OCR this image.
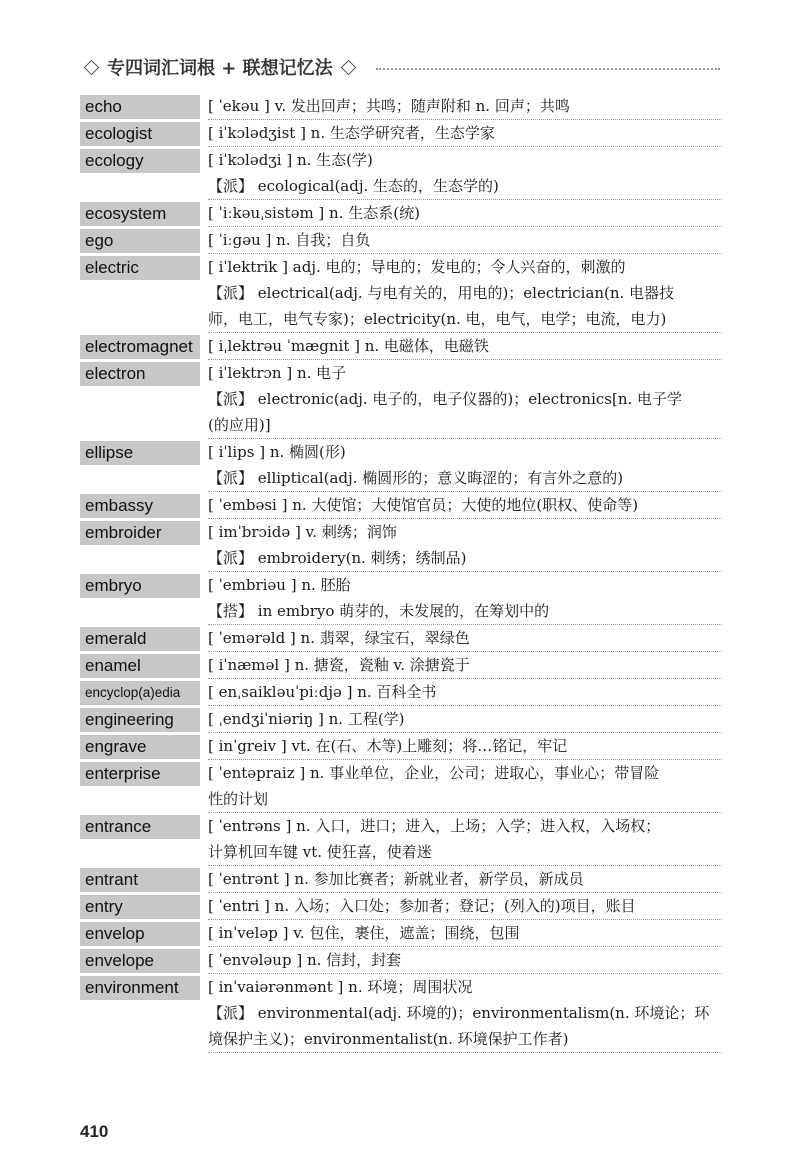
专四词汇词根 + 联想记忆法
echo	[ ˈekəu ] v. 发出回声；共鸣；随声附和 n. 回声；共鸣
ecologist	[ iˈkɔlədʒist ] n. 生态学研究者，生态学家
ecology	[ iˈkɔlədʒi ] n. 生态(学)
【派】 ecological(adj. 生态的，生态学的)
ecosystem	[ ˈiːkəuˌsistəm ] n. 生态系(统)
ego	[ ˈiːgəu ] n. 自我；自负
electric	[ iˈlektrik ] adj. 电的；导电的；发电的；令人兴奋的，刺激的
【派】 electrical(adj. 与电有关的，用电的)；electrician(n. 电器技
师，电工，电气专家)；electricity(n. 电，电气，电学；电流，电力)
electromagnet	[ iˌlektrəu ˈmægnit ] n. 电磁体，电磁铁
electron	[ iˈlektrɔn ] n. 电子
【派】 electronic(adj. 电子的，电子仪器的)；electronics[n. 电子学
(的应用)]
ellipse	[ iˈlips ] n. 椭圆(形)
【派】 elliptical(adj. 椭圆形的；意义晦涩的；有言外之意的)
embassy	[ ˈembəsi ] n. 大使馆；大使馆官员；大使的地位(职权、使命等)
embroider	[ imˈbrɔidə ] v. 刺绣；润饰
【派】 embroidery(n. 刺绣；绣制品)
embryo	[ ˈembriəu ] n. 胚胎
【搭】 in embryo 萌芽的，未发展的，在筹划中的
emerald	[ ˈemərəld ] n. 翡翠，绿宝石，翠绿色
enamel	[ iˈnæməl ] n. 搪瓷，瓷釉 v. 涂搪瓷于
encyclop(a)edia	[ enˌsaikləuˈpiːdjə ] n. 百科全书
engineering	[ ˌendʒiˈniəriŋ ] n. 工程(学)
engrave	[ inˈgreiv ] vt. 在(石、木等)上雕刻；将…铭记，牢记
enterprise	[ ˈentəpraiz ] n. 事业单位，企业，公司；进取心，事业心；带冒险
性的计划
entrance	[ ˈentrəns ] n. 入口，进口；进入，上场；入学；进入权，入场权；
计算机回车键 vt. 使狂喜，使着迷
entrant	[ ˈentrənt ] n. 参加比赛者；新就业者，新学员，新成员
entry	[ ˈentri ] n. 入场；入口处；参加者；登记；(列入的)项目，账目
envelop	[ inˈveləp ] v. 包住，裹住，遮盖；围绕，包围
envelope	[ ˈenvələup ] n. 信封，封套
environment	[ inˈvaiərənmənt ] n. 环境；周围状况
【派】 environmental(adj. 环境的)；environmentalism(n. 环境论；环
境保护主义)；environmentalist(n. 环境保护工作者)
410
